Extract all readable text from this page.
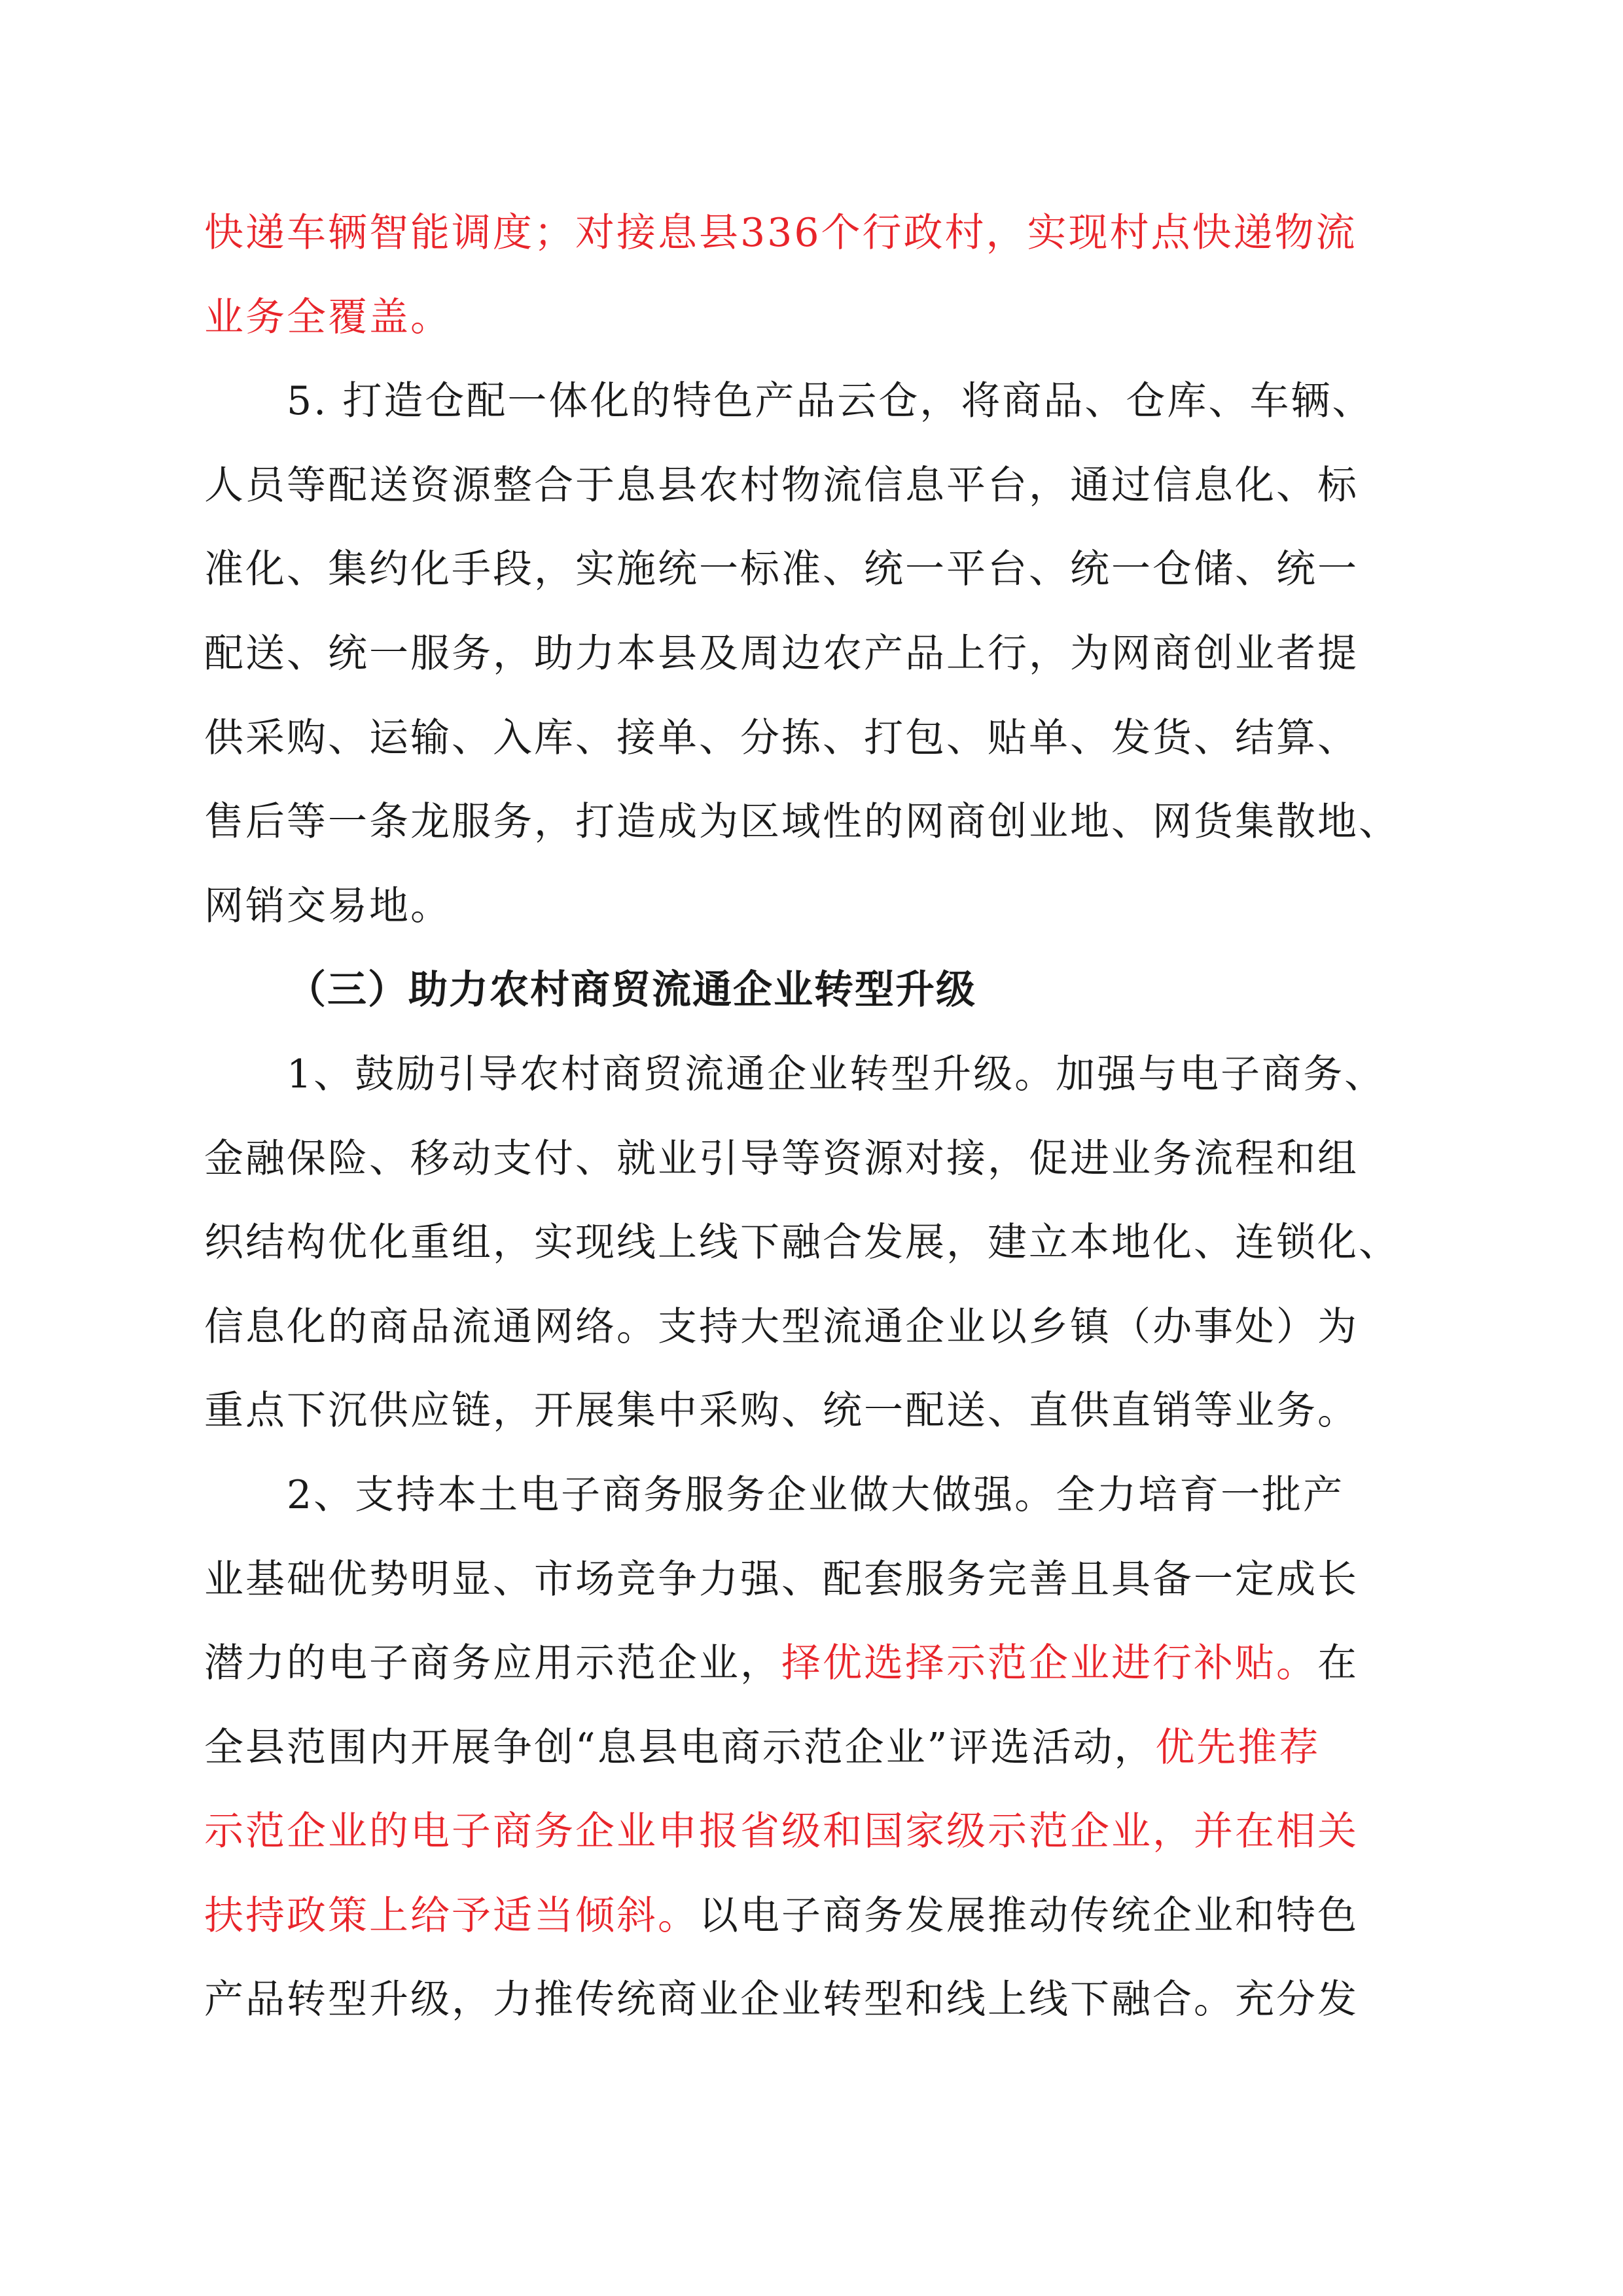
快递车辆智能调度；对接息县336个行政村，实现村点快递物流
业务全覆盖。
5. 打造仓配一体化的特色产品云仓，将商品、仓库、车辆、
人员等配送资源整合于息县农村物流信息平台，通过信息化、标
准化、集约化手段，实施统一标准、统一平台、统一仓储、统一
配送、统一服务，助力本县及周边农产品上行，为网商创业者提
供采购、运输、入库、接单、分拣、打包、贴单、发货、结算、
售后等一条龙服务，打造成为区域性的网商创业地、网货集散地、
网销交易地。
（三）助力农村商贸流通企业转型升级
1、鼓励引导农村商贸流通企业转型升级。加强与电子商务、
金融保险、移动支付、就业引导等资源对接，促进业务流程和组
织结构优化重组，实现线上线下融合发展，建立本地化、连锁化、
信息化的商品流通网络。支持大型流通企业以乡镇（办事处）为
重点下沉供应链，开展集中采购、统一配送、直供直销等业务。
2、支持本土电子商务服务企业做大做强。全力培育一批产
业基础优势明显、市场竞争力强、配套服务完善且具备一定成长
潜力的电子商务应用示范企业，择优选择示范企业进行补贴。在
全县范围内开展争创“息县电商示范企业”评选活动，优先推荐
示范企业的电子商务企业申报省级和国家级示范企业，并在相关
扶持政策上给予适当倾斜。以电子商务发展推动传统企业和特色
产品转型升级，力推传统商业企业转型和线上线下融合。充分发
